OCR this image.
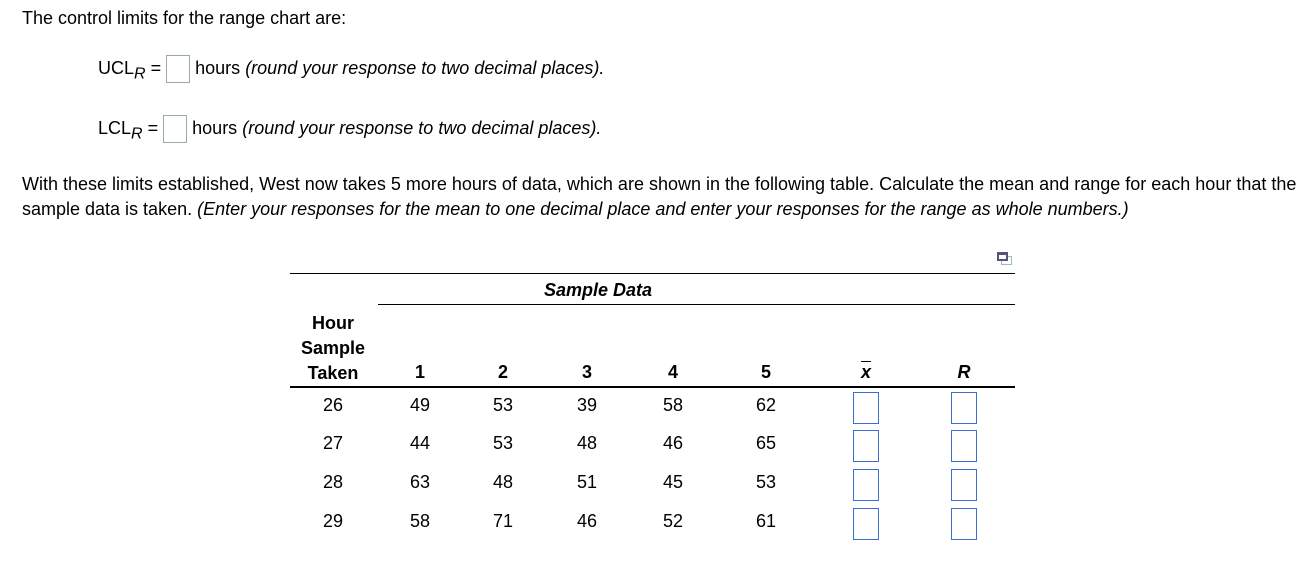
The control limits for the range chart are:
$UCL_R$ = hours (round your response to two decimal places).
$LCL_R$ = hours (round your response to two decimal places).
With these limits established, West now takes 5 more hours of data, which are shown in the following table. Calculate the mean and range for each hour that the sample data is taken. (Enter your responses for the mean to one decimal place and enter your responses for the range as whole numbers.)
Sample Data
Hour
Sample
Taken	1	2	3	4	5	$\overline{x}$	R
26	49	53	39	58	62
27	44	53	48	46	65
28	63	48	51	45	53
29	58	71	46	52	61
